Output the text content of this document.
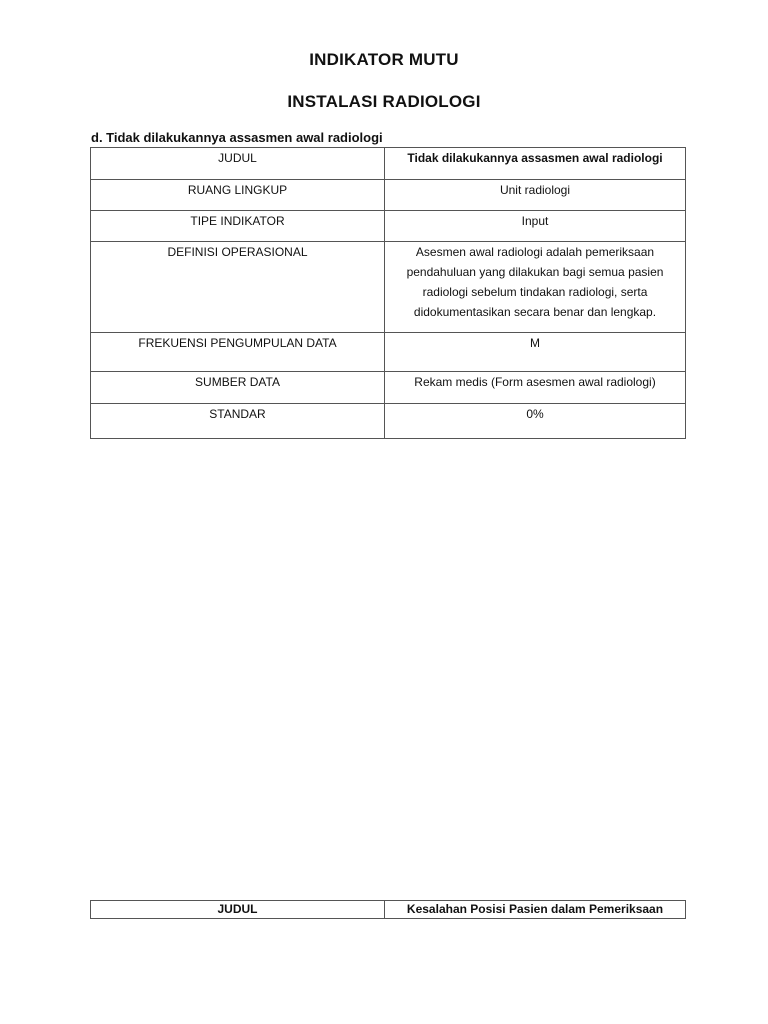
INDIKATOR MUTU
INSTALASI RADIOLOGI
d. Tidak dilakukannya assasmen awal radiologi
JUDUL	Tidak dilakukannya assasmen awal radiologi
RUANG LINGKUP	Unit radiologi
TIPE INDIKATOR	Input
DEFINISI OPERASIONAL	Asesmen awal radiologi adalah pemeriksaan
pendahuluan yang dilakukan bagi semua pasien
radiologi sebelum tindakan radiologi, serta
didokumentasikan secara benar dan lengkap.

FREKUENSI PENGUMPULAN DATA	M
SUMBER DATA	Rekam medis (Form asesmen awal radiologi)
STANDAR	0%
JUDUL	Kesalahan Posisi Pasien dalam Pemeriksaan
